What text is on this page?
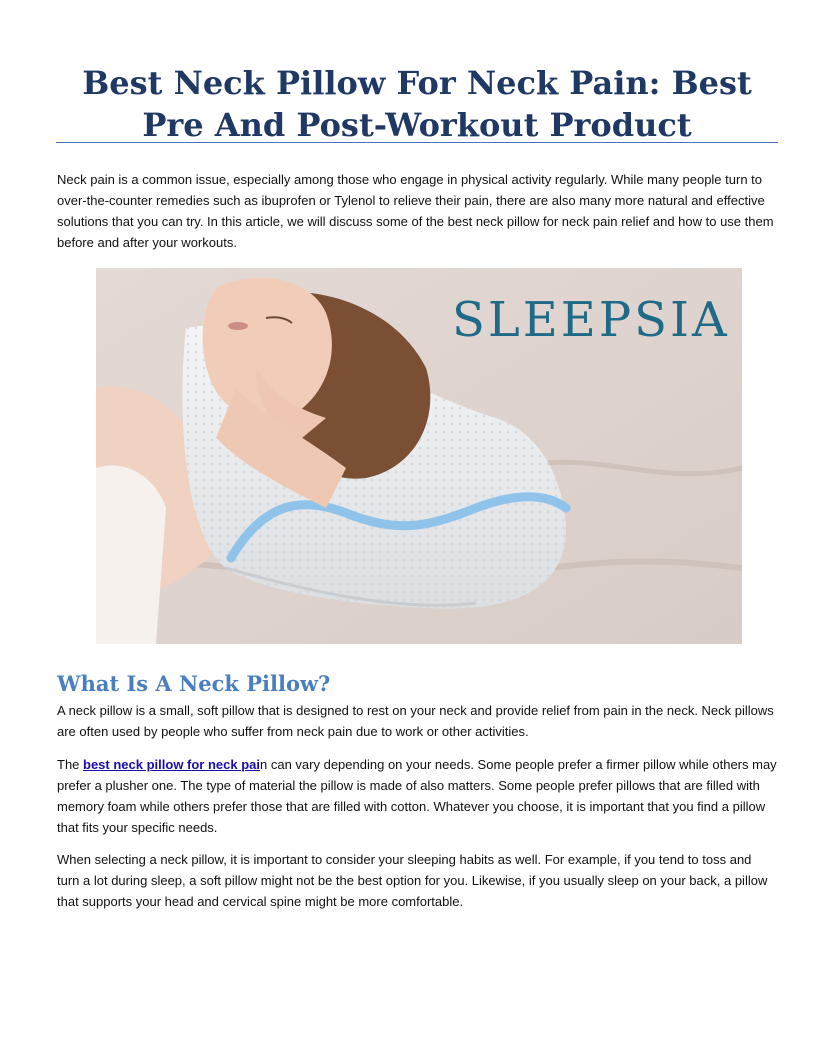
Best Neck Pillow For Neck Pain: Best Pre And Post-Workout Product

Neck pain is a common issue, especially among those who engage in physical activity regularly. While many people turn to over-the-counter remedies such as ibuprofen or Tylenol to relieve their pain, there are also many more natural and effective solutions that you can try. In this article, we will discuss some of the best neck pillow for neck pain relief and how to use them before and after your workouts.

SLEEPSIA
What Is A Neck Pillow?

A neck pillow is a small, soft pillow that is designed to rest on your neck and provide relief from pain in the neck. Neck pillows are often used by people who suffer from neck pain due to work or other activities.

The best neck pillow for neck pain can vary depending on your needs. Some people prefer a firmer pillow while others may prefer a plusher one. The type of material the pillow is made of also matters. Some people prefer pillows that are filled with memory foam while others prefer those that are filled with cotton. Whatever you choose, it is important that you find a pillow that fits your specific needs.

When selecting a neck pillow, it is important to consider your sleeping habits as well. For example, if you tend to toss and turn a lot during sleep, a soft pillow might not be the best option for you. Likewise, if you usually sleep on your back, a pillow that supports your head and cervical spine might be more comfortable.
